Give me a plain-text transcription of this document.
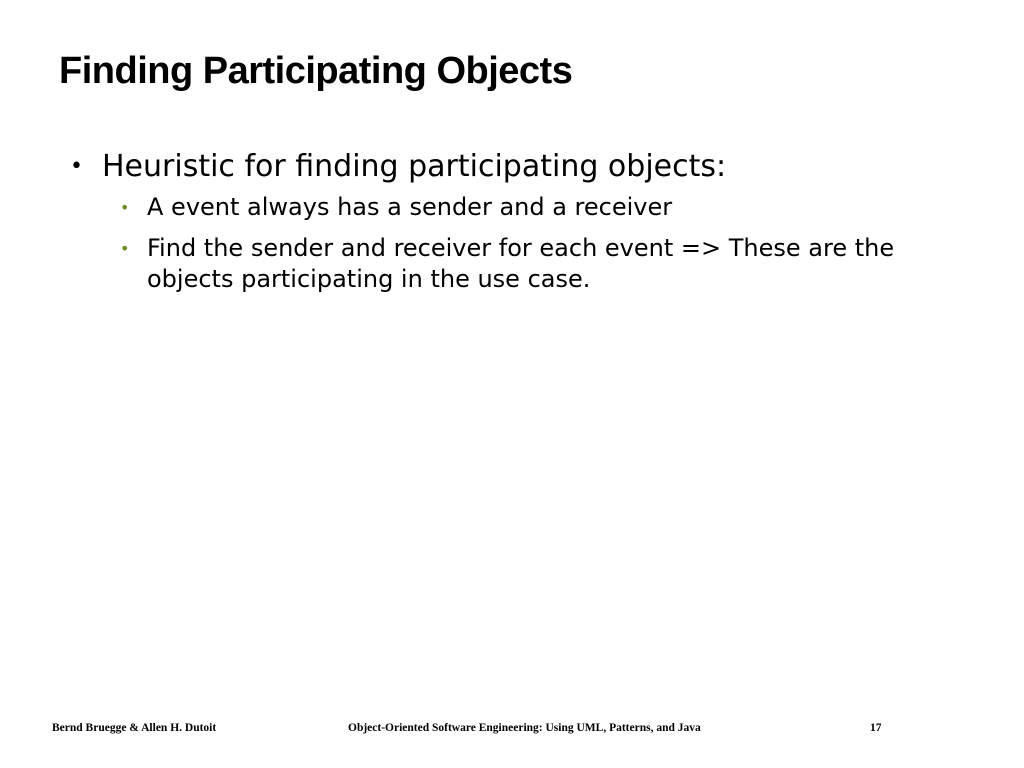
Finding Participating Objects
• Heuristic for finding participating objects:
• A event always has a sender and a receiver
• Find the sender and receiver for each event => These are the objects participating in the use case.
Bernd Bruegge & Allen H. Dutoit	Object-Oriented Software Engineering: Using UML, Patterns, and Java	17
